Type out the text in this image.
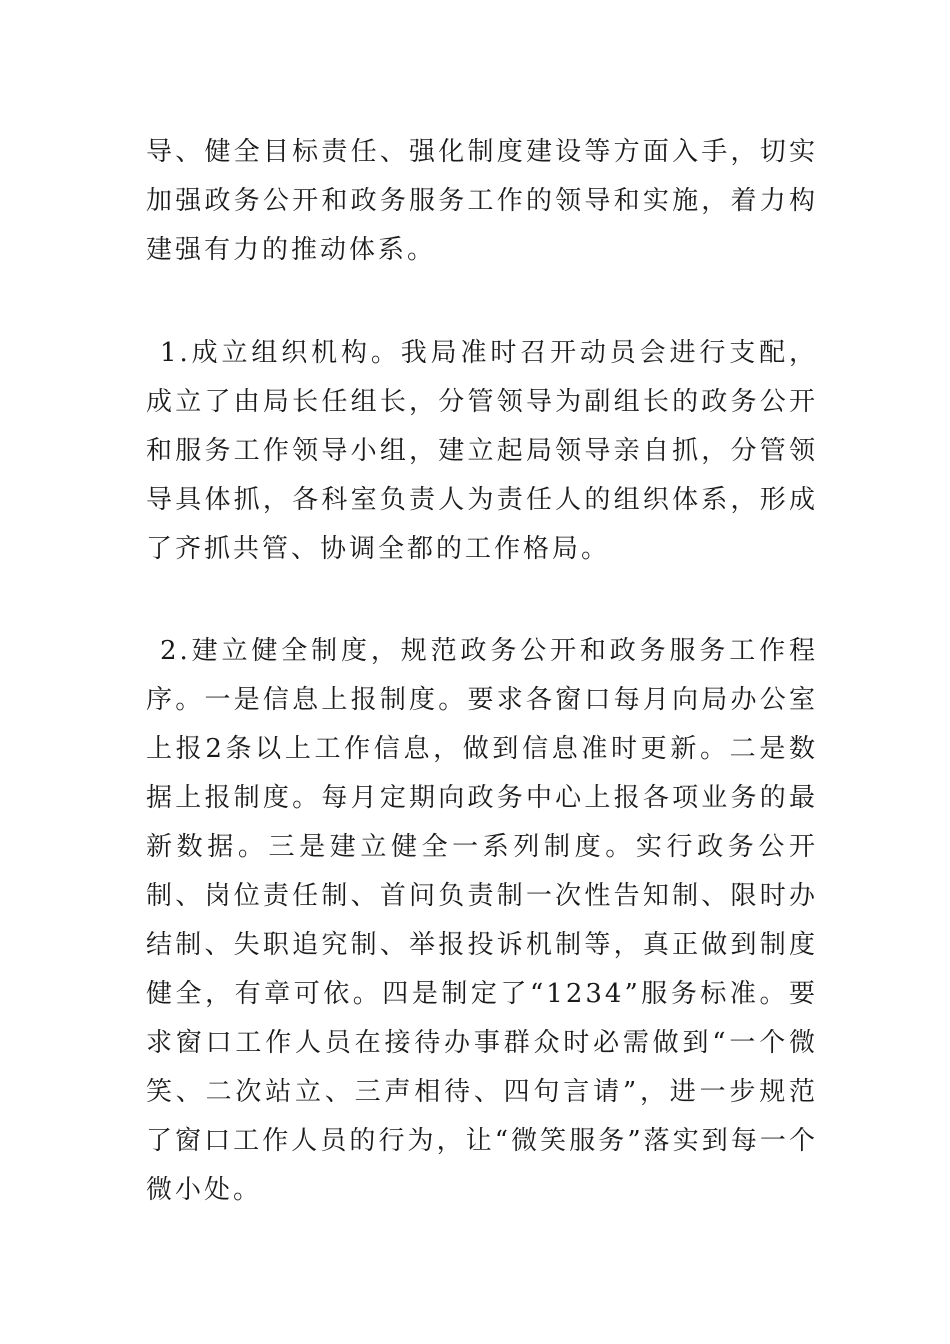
导、健全目标责任、强化制度建设等方面入手，切实加强政务公开和政务服务工作的领导和实施，着力构建强有力的推动体系。

1.成立组织机构。我局准时召开动员会进行支配，成立了由局长任组长，分管领导为副组长的政务公开和服务工作领导小组，建立起局领导亲自抓，分管领导具体抓，各科室负责人为责任人的组织体系，形成了齐抓共管、协调全都的工作格局。

2.建立健全制度，规范政务公开和政务服务工作程序。一是信息上报制度。要求各窗口每月向局办公室上报2条以上工作信息，做到信息准时更新。二是数据上报制度。每月定期向政务中心上报各项业务的最新数据。三是建立健全一系列制度。实行政务公开制、岗位责任制、首问负责制一次性告知制、限时办结制、失职追究制、举报投诉机制等，真正做到制度健全，有章可依。四是制定了“1234”服务标准。要求窗口工作人员在接待办事群众时必需做到“一个微笑、二次站立、三声相待、四句言请”，进一步规范了窗口工作人员的行为，让“微笑服务”落实到每一个微小处。
